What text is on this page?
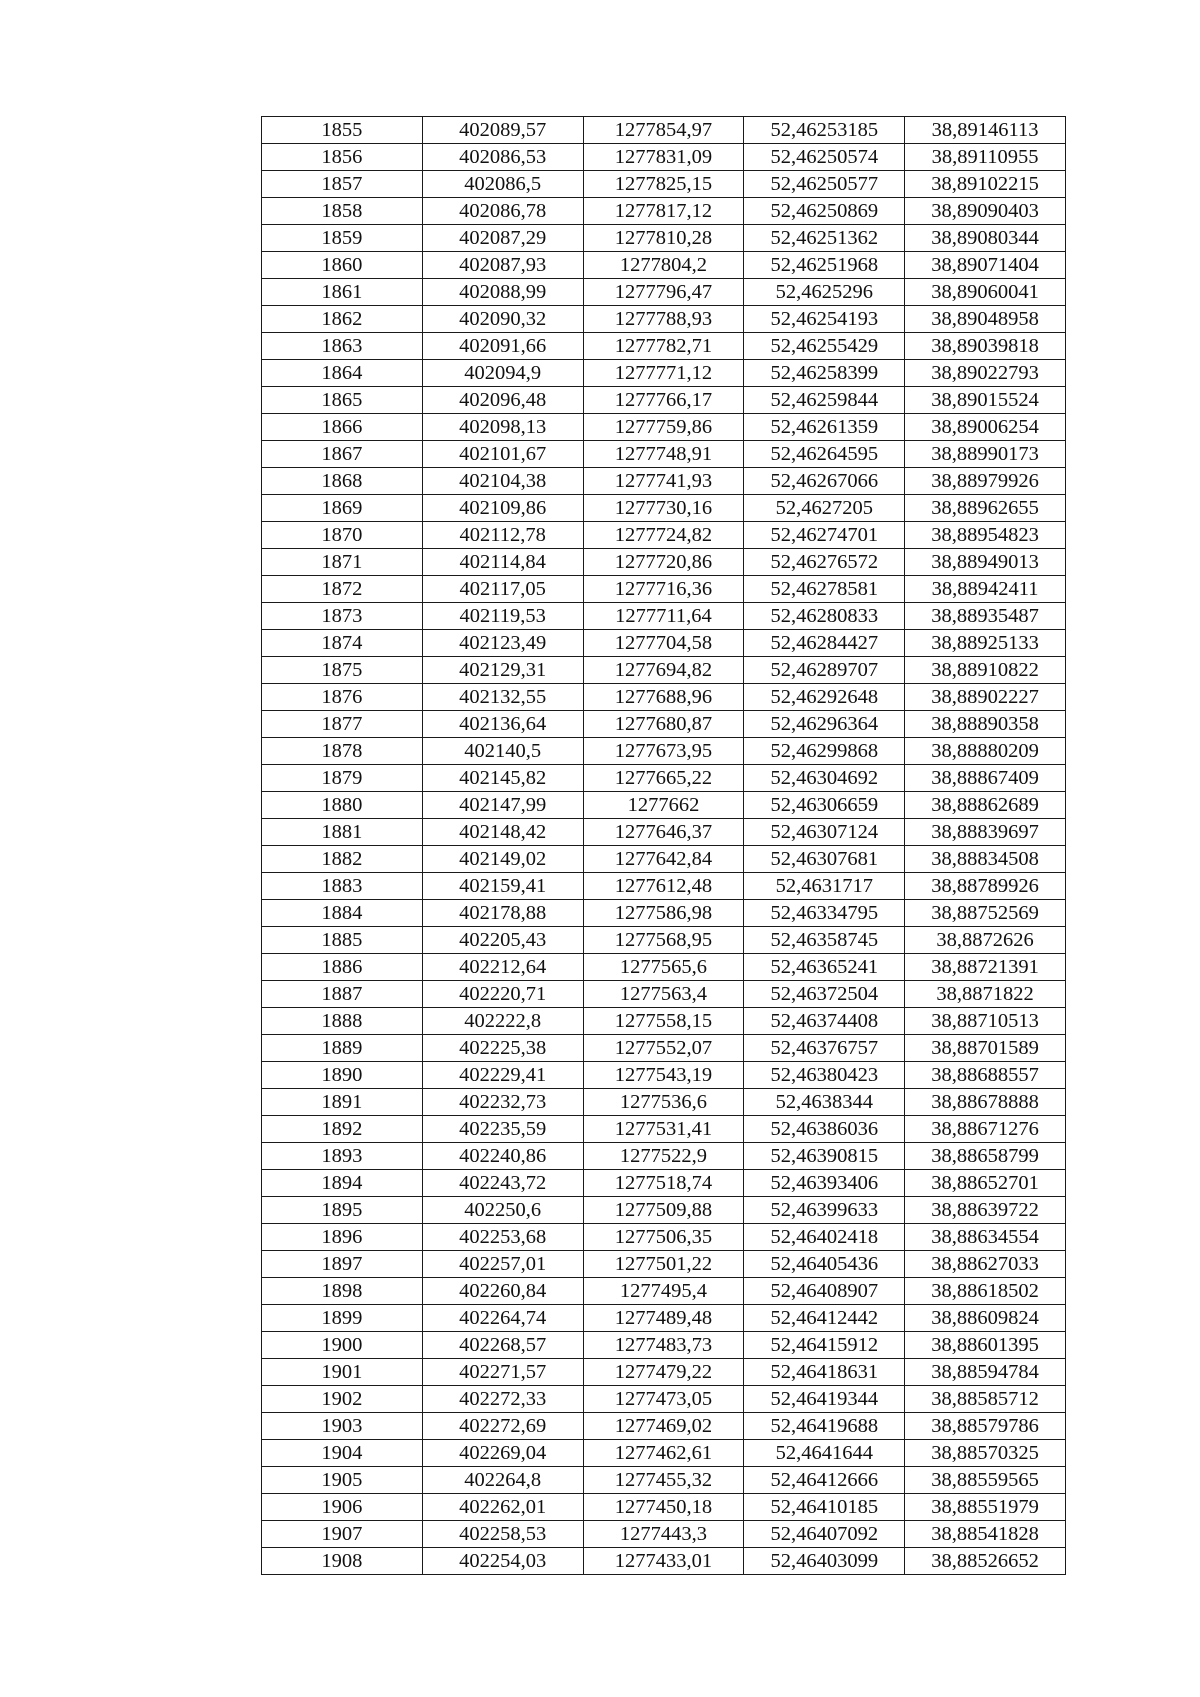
1855	402089,57	1277854,97	52,46253185	38,89146113
1856	402086,53	1277831,09	52,46250574	38,89110955
1857	402086,5	1277825,15	52,46250577	38,89102215
1858	402086,78	1277817,12	52,46250869	38,89090403
1859	402087,29	1277810,28	52,46251362	38,89080344
1860	402087,93	1277804,2	52,46251968	38,89071404
1861	402088,99	1277796,47	52,4625296	38,89060041
1862	402090,32	1277788,93	52,46254193	38,89048958
1863	402091,66	1277782,71	52,46255429	38,89039818
1864	402094,9	1277771,12	52,46258399	38,89022793
1865	402096,48	1277766,17	52,46259844	38,89015524
1866	402098,13	1277759,86	52,46261359	38,89006254
1867	402101,67	1277748,91	52,46264595	38,88990173
1868	402104,38	1277741,93	52,46267066	38,88979926
1869	402109,86	1277730,16	52,4627205	38,88962655
1870	402112,78	1277724,82	52,46274701	38,88954823
1871	402114,84	1277720,86	52,46276572	38,88949013
1872	402117,05	1277716,36	52,46278581	38,88942411
1873	402119,53	1277711,64	52,46280833	38,88935487
1874	402123,49	1277704,58	52,46284427	38,88925133
1875	402129,31	1277694,82	52,46289707	38,88910822
1876	402132,55	1277688,96	52,46292648	38,88902227
1877	402136,64	1277680,87	52,46296364	38,88890358
1878	402140,5	1277673,95	52,46299868	38,88880209
1879	402145,82	1277665,22	52,46304692	38,88867409
1880	402147,99	1277662	52,46306659	38,88862689
1881	402148,42	1277646,37	52,46307124	38,88839697
1882	402149,02	1277642,84	52,46307681	38,88834508
1883	402159,41	1277612,48	52,4631717	38,88789926
1884	402178,88	1277586,98	52,46334795	38,88752569
1885	402205,43	1277568,95	52,46358745	38,8872626
1886	402212,64	1277565,6	52,46365241	38,88721391
1887	402220,71	1277563,4	52,46372504	38,8871822
1888	402222,8	1277558,15	52,46374408	38,88710513
1889	402225,38	1277552,07	52,46376757	38,88701589
1890	402229,41	1277543,19	52,46380423	38,88688557
1891	402232,73	1277536,6	52,4638344	38,88678888
1892	402235,59	1277531,41	52,46386036	38,88671276
1893	402240,86	1277522,9	52,46390815	38,88658799
1894	402243,72	1277518,74	52,46393406	38,88652701
1895	402250,6	1277509,88	52,46399633	38,88639722
1896	402253,68	1277506,35	52,46402418	38,88634554
1897	402257,01	1277501,22	52,46405436	38,88627033
1898	402260,84	1277495,4	52,46408907	38,88618502
1899	402264,74	1277489,48	52,46412442	38,88609824
1900	402268,57	1277483,73	52,46415912	38,88601395
1901	402271,57	1277479,22	52,46418631	38,88594784
1902	402272,33	1277473,05	52,46419344	38,88585712
1903	402272,69	1277469,02	52,46419688	38,88579786
1904	402269,04	1277462,61	52,4641644	38,88570325
1905	402264,8	1277455,32	52,46412666	38,88559565
1906	402262,01	1277450,18	52,46410185	38,88551979
1907	402258,53	1277443,3	52,46407092	38,88541828
1908	402254,03	1277433,01	52,46403099	38,88526652
